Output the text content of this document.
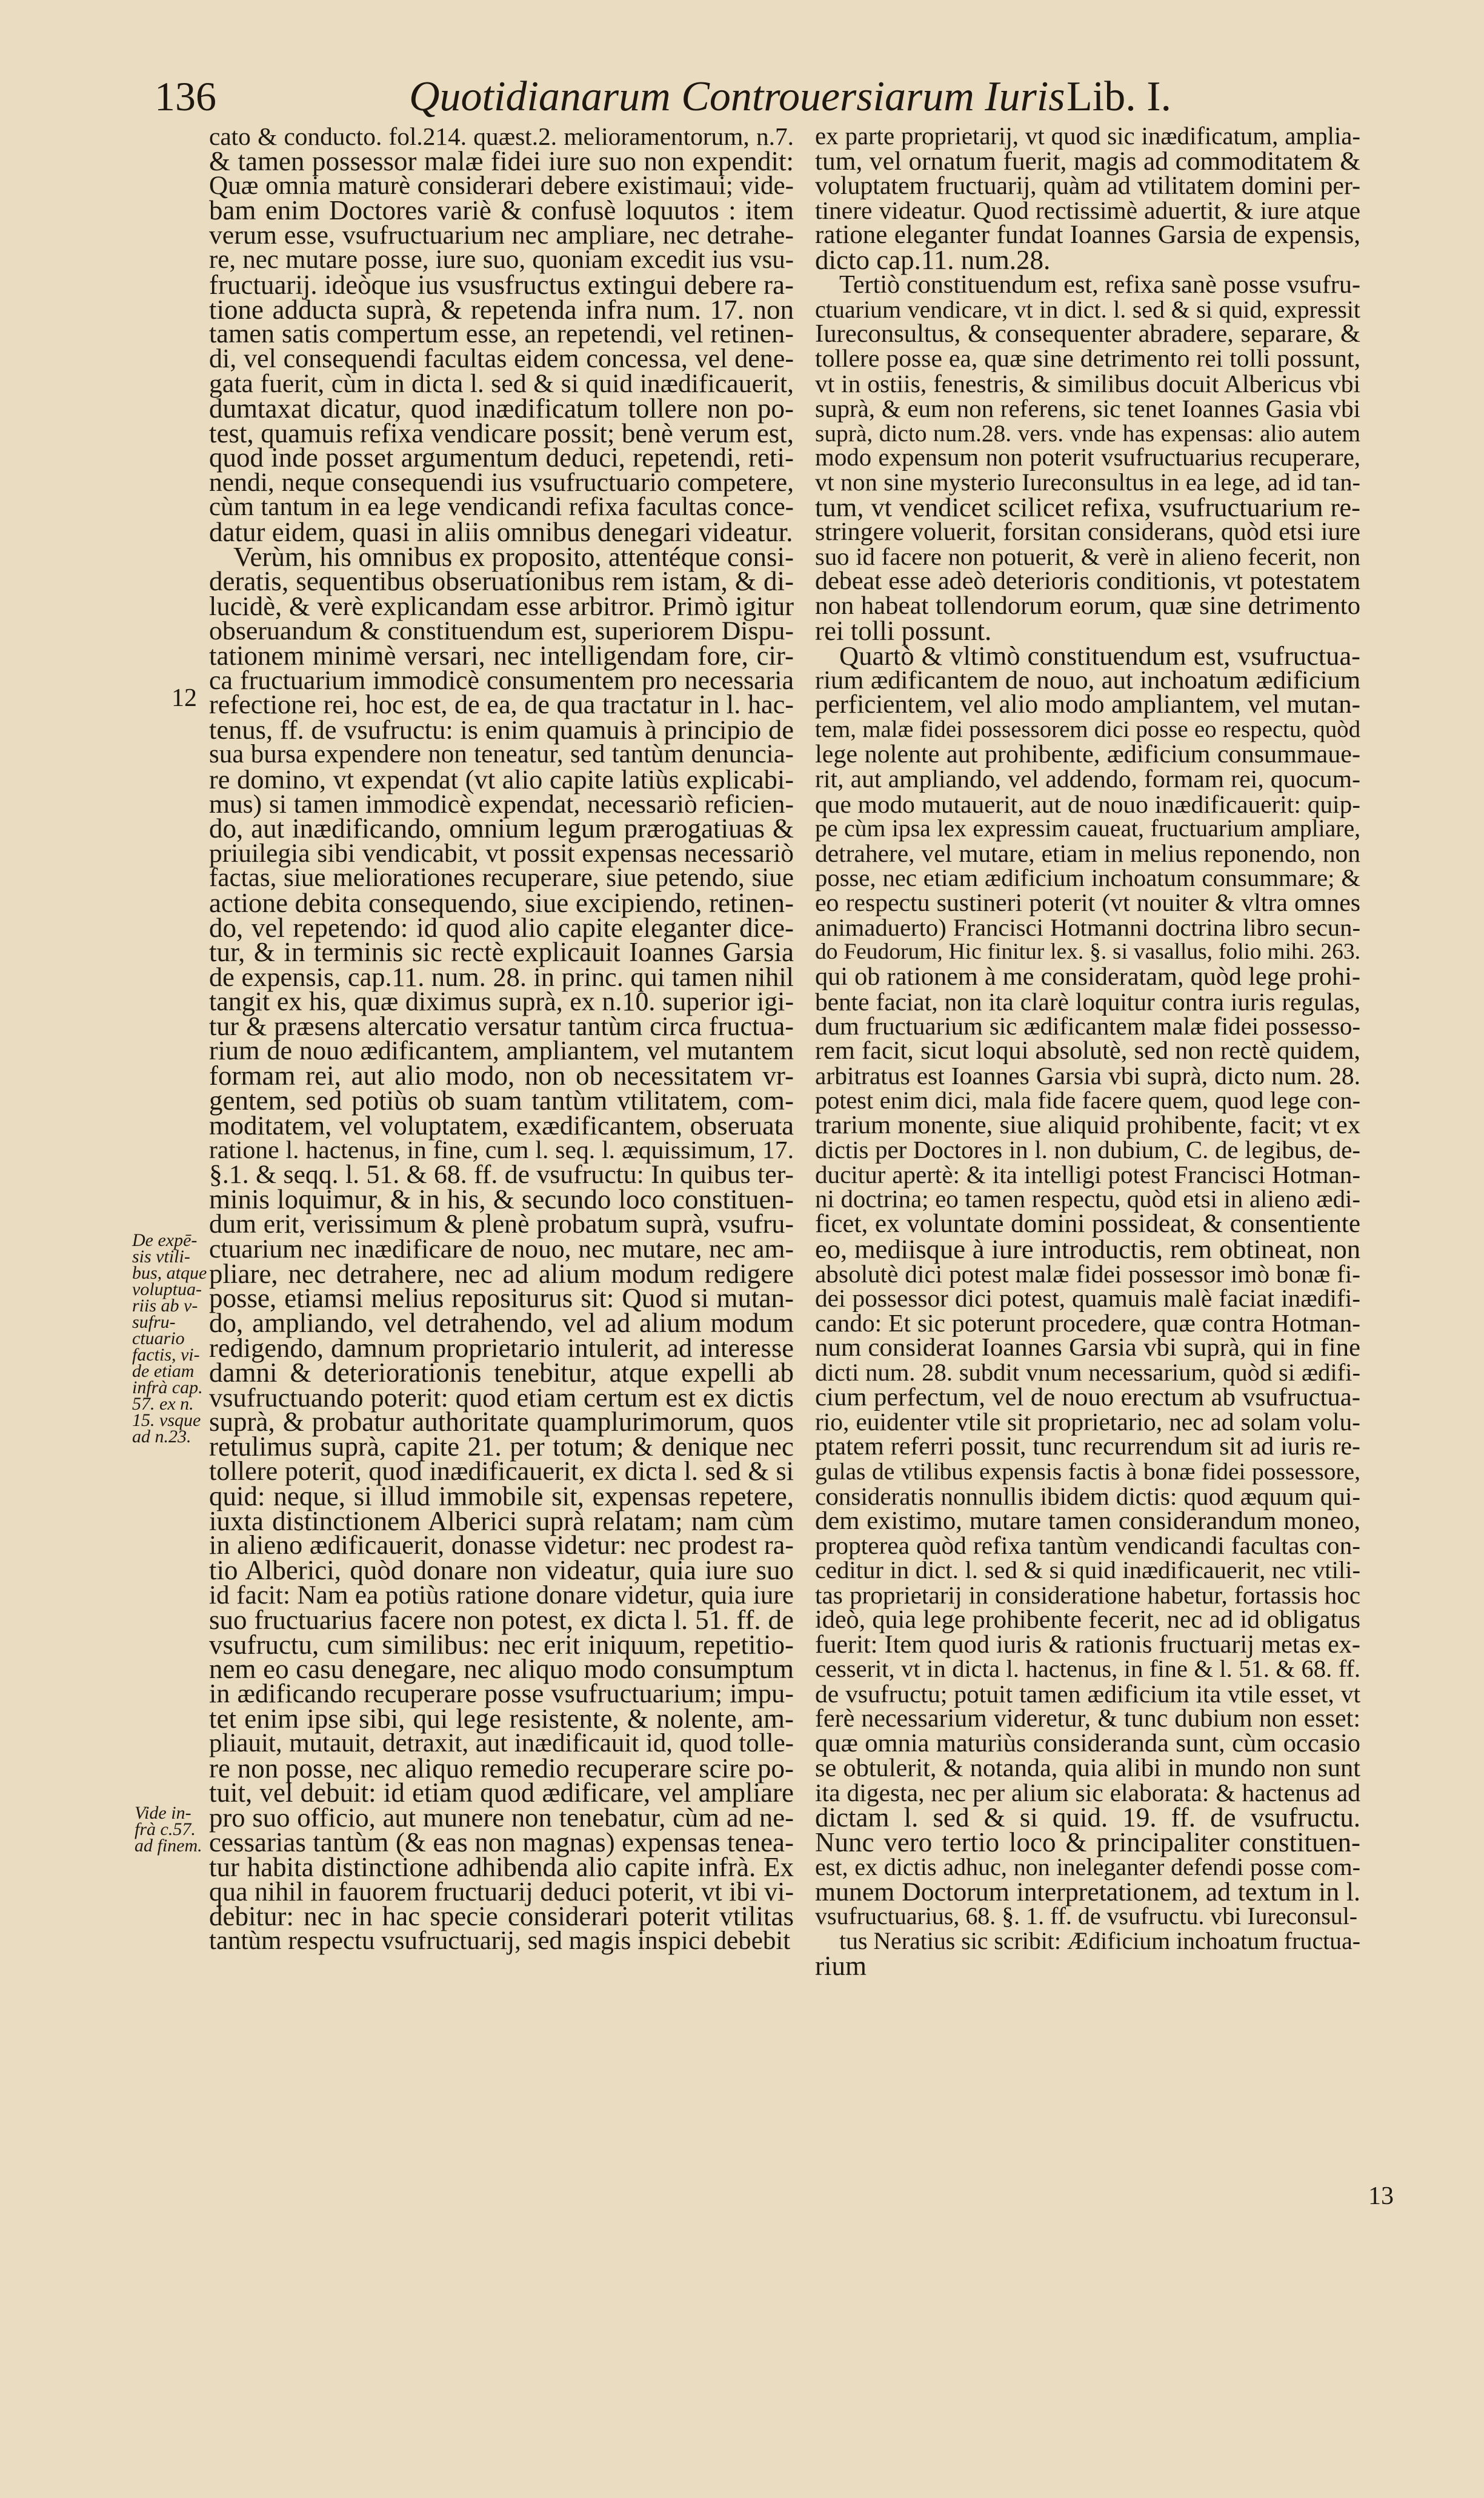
136	Quotidianarum Controuersiarum Iuris Lib. I.

cato & conducto. fol.214. quæst.2. melioramentorum, n.7.

& tamen possessor malæ fidei iure suo non expendit:

Quæ omnia maturè considerari debere existimaui; vide-

bam enim Doctores variè & confusè loquutos : item

verum esse, vsufructuarium nec ampliare, nec detrahe-

re, nec mutare posse, iure suo, quoniam excedit ius vsu-

fructuarij. ideòque ius vsusfructus extingui debere ra-

tione adducta suprà, & repetenda infra num. 17. non

tamen satis compertum esse, an repetendi, vel retinen-

di, vel consequendi facultas eidem concessa, vel dene-

gata fuerit, cùm in dicta l. sed & si quid inædificauerit,

dumtaxat dicatur, quod inædificatum tollere non po-

test, quamuis refixa vendicare possit; benè verum est,

quod inde posset argumentum deduci, repetendi, reti-

nendi, neque consequendi ius vsufructuario competere,

cùm tantum in ea lege vendicandi refixa facultas conce-

datur eidem, quasi in aliis omnibus denegari videatur.

Verùm, his omnibus ex proposito, attentéque consi-

deratis, sequentibus obseruationibus rem istam, & di-

lucidè, & verè explicandam esse arbitror. Primò igitur

obseruandum & constituendum est, superiorem Dispu-

tationem minimè versari, nec intelligendam fore, cir-

ca fructuarium immodicè consumentem pro necessaria

refectione rei, hoc est, de ea, de qua tractatur in l. hac-

tenus, ff. de vsufructu: is enim quamuis à principio de

sua bursa expendere non teneatur, sed tantùm denuncia-

re domino, vt expendat (vt alio capite latiùs explicabi-

mus) si tamen immodicè expendat, necessariò reficien-

do, aut inædificando, omnium legum prærogatiuas &

priuilegia sibi vendicabit, vt possit expensas necessariò

factas, siue meliorationes recuperare, siue petendo, siue

actione debita consequendo, siue excipiendo, retinen-

do, vel repetendo: id quod alio capite eleganter dice-

tur, & in terminis sic rectè explicauit Ioannes Garsia

de expensis, cap.11. num. 28. in princ. qui tamen nihil

tangit ex his, quæ diximus suprà, ex n.10. superior igi-

tur & præsens altercatio versatur tantùm circa fructua-

rium de nouo ædificantem, ampliantem, vel mutantem

formam rei, aut alio modo, non ob necessitatem vr-

gentem, sed potiùs ob suam tantùm vtilitatem, com-

moditatem, vel voluptatem, exædificantem, obseruata

ratione l. hactenus, in fine, cum l. seq. l. æquissimum, 17.

§.1. & seqq. l. 51. & 68. ff. de vsufructu: In quibus ter-

minis loquimur, & in his, & secundo loco constituen-

dum erit, verissimum & plenè probatum suprà, vsufru-

ctuarium nec inædificare de nouo, nec mutare, nec am-

pliare, nec detrahere, nec ad alium modum redigere

posse, etiamsi melius repositurus sit: Quod si mutan-

do, ampliando, vel detrahendo, vel ad alium modum

redigendo, damnum proprietario intulerit, ad interesse

damni & deteriorationis tenebitur, atque expelli ab

vsufructuando poterit: quod etiam certum est ex dictis

suprà, & probatur authoritate quamplurimorum, quos

retulimus suprà, capite 21. per totum; & denique nec

tollere poterit, quod inædificauerit, ex dicta l. sed & si

quid: neque, si illud immobile sit, expensas repetere,

iuxta distinctionem Alberici suprà relatam; nam cùm

in alieno ædificauerit, donasse videtur: nec prodest ra-

tio Alberici, quòd donare non videatur, quia iure suo

id facit: Nam ea potiùs ratione donare videtur, quia iure

suo fructuarius facere non potest, ex dicta l. 51. ff. de

vsufructu, cum similibus: nec erit iniquum, repetitio-

nem eo casu denegare, nec aliquo modo consumptum

in ædificando recuperare posse vsufructuarium; impu-

tet enim ipse sibi, qui lege resistente, & nolente, am-

pliauit, mutauit, detraxit, aut inædificauit id, quod tolle-

re non posse, nec aliquo remedio recuperare scire po-

tuit, vel debuit: id etiam quod ædificare, vel ampliare

pro suo officio, aut munere non tenebatur, cùm ad ne-

cessarias tantùm (& eas non magnas) expensas tenea-

tur habita distinctione adhibenda alio capite infrà. Ex

qua nihil in fauorem fructuarij deduci poterit, vt ibi vi-

debitur: nec in hac specie considerari poterit vtilitas

tantùm respectu vsufructuarij, sed magis inspici debebit

ex parte proprietarij, vt quod sic inædificatum, amplia-

tum, vel ornatum fuerit, magis ad commoditatem &

voluptatem fructuarij, quàm ad vtilitatem domini per-

tinere videatur. Quod rectissimè aduertit, & iure atque

ratione eleganter fundat Ioannes Garsia de expensis,

dicto cap.11. num.28.

Tertiò constituendum est, refixa sanè posse vsufru-

ctuarium vendicare, vt in dict. l. sed & si quid, expressit

Iureconsultus, & consequenter abradere, separare, &

tollere posse ea, quæ sine detrimento rei tolli possunt,

vt in ostiis, fenestris, & similibus docuit Albericus vbi

suprà, & eum non referens, sic tenet Ioannes Gasia vbi

suprà, dicto num.28. vers. vnde has expensas: alio autem

modo expensum non poterit vsufructuarius recuperare,

vt non sine mysterio Iureconsultus in ea lege, ad id tan-

tum, vt vendicet scilicet refixa, vsufructuarium re-

stringere voluerit, forsitan considerans, quòd etsi iure

suo id facere non potuerit, & verè in alieno fecerit, non

debeat esse adeò deterioris conditionis, vt potestatem

non habeat tollendorum eorum, quæ sine detrimento

rei tolli possunt.

Quartò & vltimò constituendum est, vsufructua-

rium ædificantem de nouo, aut inchoatum ædificium

perficientem, vel alio modo ampliantem, vel mutan-

tem, malæ fidei possessorem dici posse eo respectu, quòd

lege nolente aut prohibente, ædificium consummaue-

rit, aut ampliando, vel addendo, formam rei, quocum-

que modo mutauerit, aut de nouo inædificauerit: quip-

pe cùm ipsa lex expressim caueat, fructuarium ampliare,

detrahere, vel mutare, etiam in melius reponendo, non

posse, nec etiam ædificium inchoatum consummare; &

eo respectu sustineri poterit (vt nouiter & vltra omnes

animaduerto) Francisci Hotmanni doctrina libro secun-

do Feudorum, Hic finitur lex. §. si vasallus, folio mihi. 263.

qui ob rationem à me consideratam, quòd lege prohi-

bente faciat, non ita clarè loquitur contra iuris regulas,

dum fructuarium sic ædificantem malæ fidei possesso-

rem facit, sicut loqui absolutè, sed non rectè quidem,

arbitratus est Ioannes Garsia vbi suprà, dicto num. 28.

potest enim dici, mala fide facere quem, quod lege con-

trarium monente, siue aliquid prohibente, facit; vt ex

dictis per Doctores in l. non dubium, C. de legibus, de-

ducitur apertè: & ita intelligi potest Francisci Hotman-

ni doctrina; eo tamen respectu, quòd etsi in alieno ædi-

ficet, ex voluntate domini possideat, & consentiente

eo, mediisque à iure introductis, rem obtineat, non

absolutè dici potest malæ fidei possessor imò bonæ fi-

dei possessor dici potest, quamuis malè faciat inædifi-

cando: Et sic poterunt procedere, quæ contra Hotman-

num considerat Ioannes Garsia vbi suprà, qui in fine

dicti num. 28. subdit vnum necessarium, quòd si ædifi-

cium perfectum, vel de nouo erectum ab vsufructua-

rio, euidenter vtile sit proprietario, nec ad solam volu-

ptatem referri possit, tunc recurrendum sit ad iuris re-

gulas de vtilibus expensis factis à bonæ fidei possessore,

consideratis nonnullis ibidem dictis: quod æquum qui-

dem existimo, mutare tamen considerandum moneo,

propterea quòd refixa tantùm vendicandi facultas con-

ceditur in dict. l. sed & si quid inædificauerit, nec vtili-

tas proprietarij in consideratione habetur, fortassis hoc

ideò, quia lege prohibente fecerit, nec ad id obligatus

fuerit: Item quod iuris & rationis fructuarij metas ex-

cesserit, vt in dicta l. hactenus, in fine & l. 51. & 68. ff.

de vsufructu; potuit tamen ædificium ita vtile esset, vt

ferè necessarium videretur, & tunc dubium non esset:

quæ omnia maturiùs consideranda sunt, cùm occasio

se obtulerit, & notanda, quia alibi in mundo non sunt

ita digesta, nec per alium sic elaborata: & hactenus ad

dictam l. sed & si quid. 19. ff. de vsufructu.

Nunc vero tertio loco & principaliter constituen-

est, ex dictis adhuc, non ineleganter defendi posse com-

munem Doctorum interpretationem, ad textum in l.

vsufructuarius, 68. §. 1. ff. de vsufructu. vbi Iureconsul-

tus Neratius sic scribit: Ædificium inchoatum fructua-

rium

12
13

De expē-

sis vtili-

bus, atque

voluptua-

riis ab v-

sufru-

ctuario

factis, vi-

de etiam

infrà cap.

57. ex n.

15. vsque

ad n.23.

Vide in-

frà c.57.

ad finem.
